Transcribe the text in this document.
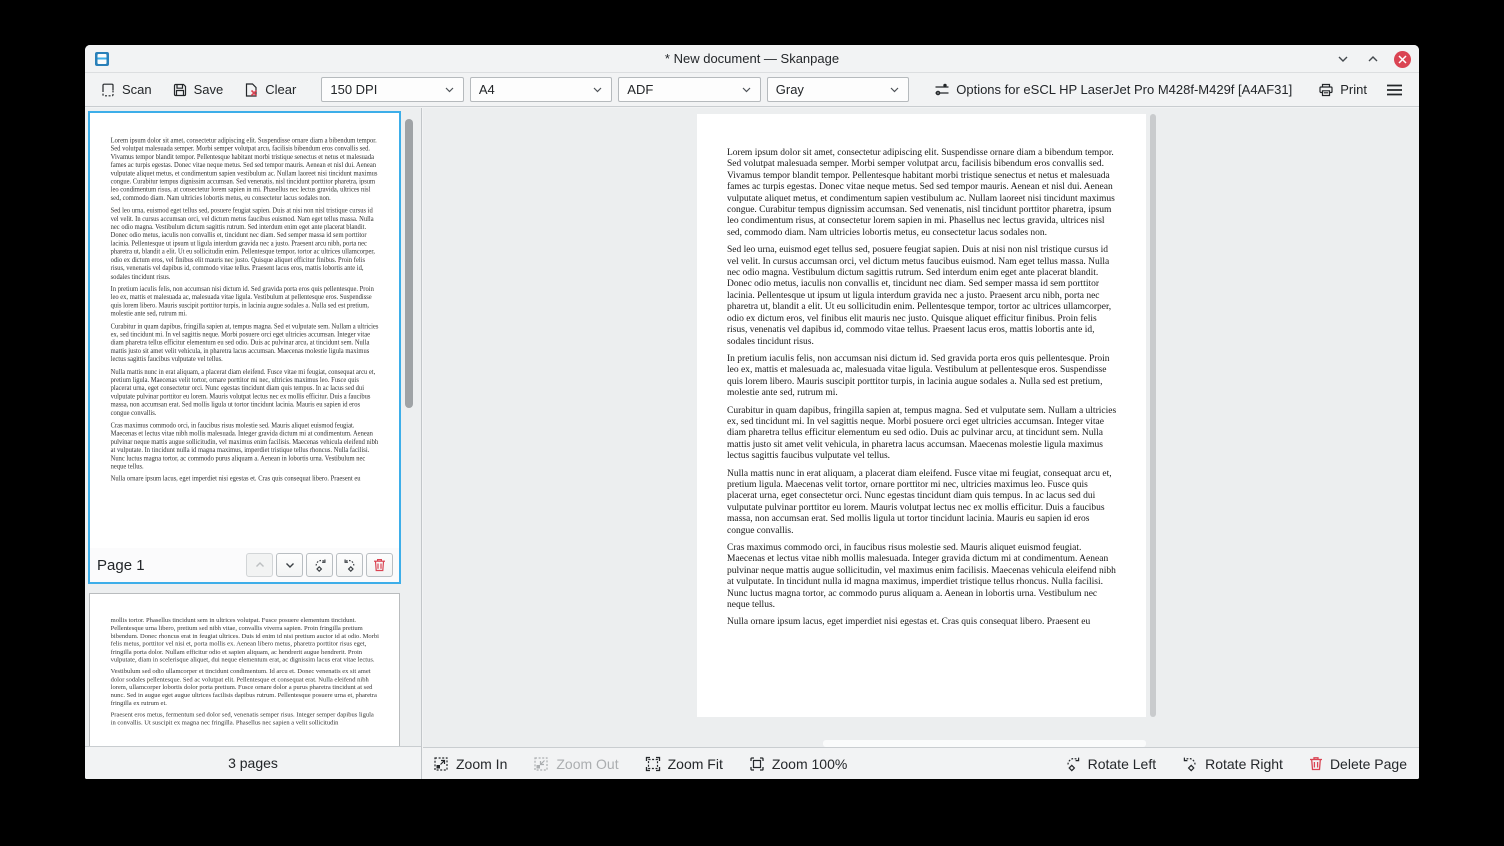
* New document — Skanpage
Scan	Save	Clear	150 DPI	A4	ADF	Gray	Options for eSCL HP LaserJet Pro M428f-M429f [A4AF31]	Print

Lorem ipsum dolor sit amet, consectetur adipiscing elit. Suspendisse ornare diam a bibendum tempor. Sed volutpat malesuada semper. Morbi semper volutpat arcu, facilisis bibendum eros convallis sed. Vivamus tempor blandit tempor. Pellentesque habitant morbi tristique senectus et netus et malesuada fames ac turpis egestas. Donec vitae neque metus. Sed sed tempor mauris. Aenean et nisl dui. Aenean vulputate aliquet metus, et condimentum sapien vestibulum ac. Nullam laoreet nisi tincidunt maximus congue. Curabitur tempus dignissim accumsan. Sed venenatis, nisl tincidunt porttitor pharetra, ipsum leo condimentum risus, at consectetur lorem sapien in mi. Phasellus nec lectus gravida, ultrices nisl sed, commodo diam. Nam ultricies lobortis metus, eu consectetur lacus sodales non.

Sed leo urna, euismod eget tellus sed, posuere feugiat sapien. Duis at nisi non nisl tristique cursus id vel velit. In cursus accumsan orci, vel dictum metus faucibus euismod. Nam eget tellus massa. Nulla nec odio magna. Vestibulum dictum sagittis rutrum. Sed interdum enim eget ante placerat blandit. Donec odio metus, iaculis non convallis et, tincidunt nec diam. Sed semper massa id sem porttitor lacinia. Pellentesque ut ipsum ut ligula interdum gravida nec a justo. Praesent arcu nibh, porta nec pharetra ut, blandit a elit. Ut eu sollicitudin enim. Pellentesque tempor, tortor ac ultrices ullamcorper, odio ex dictum eros, vel finibus elit mauris nec justo. Quisque aliquet efficitur finibus. Proin felis risus, venenatis vel dapibus id, commodo vitae tellus. Praesent lacus eros, mattis lobortis ante id, sodales tincidunt risus.

In pretium iaculis felis, non accumsan nisi dictum id. Sed gravida porta eros quis pellentesque. Proin leo ex, mattis et malesuada ac, malesuada vitae ligula. Vestibulum at pellentesque eros. Suspendisse quis lorem libero. Mauris suscipit porttitor turpis, in lacinia augue sodales a. Nulla sed est pretium, molestie ante sed, rutrum mi.

Curabitur in quam dapibus, fringilla sapien at, tempus magna. Sed et vulputate sem. Nullam a ultricies ex, sed tincidunt mi. In vel sagittis neque. Morbi posuere orci eget ultricies accumsan. Integer vitae diam pharetra tellus efficitur elementum eu sed odio. Duis ac pulvinar arcu, at tincidunt sem. Nulla mattis justo sit amet velit vehicula, in pharetra lacus accumsan. Maecenas molestie ligula maximus lectus sagittis faucibus vulputate vel tellus.

Nulla mattis nunc in erat aliquam, a placerat diam eleifend. Fusce vitae mi feugiat, consequat arcu et, pretium ligula. Maecenas velit tortor, ornare porttitor mi nec, ultricies maximus leo. Fusce quis placerat urna, eget consectetur orci. Nunc egestas tincidunt diam quis tempus. In ac lacus sed dui vulputate pulvinar porttitor eu lorem. Mauris volutpat lectus nec ex mollis efficitur. Duis a faucibus massa, non accumsan erat. Sed mollis ligula ut tortor tincidunt lacinia. Mauris eu sapien id eros congue convallis.

Cras maximus commodo orci, in faucibus risus molestie sed. Mauris aliquet euismod feugiat. Maecenas et lectus vitae nibh mollis malesuada. Integer gravida dictum mi at condimentum. Aenean pulvinar neque mattis augue sollicitudin, vel maximus enim facilisis. Maecenas vehicula eleifend nibh at vulputate. In tincidunt nulla id magna maximus, imperdiet tristique tellus rhoncus. Nulla facilisi. Nunc luctus magna tortor, ac commodo purus aliquam a. Aenean in lobortis urna. Vestibulum nec neque tellus.

Nulla ornare ipsum lacus, eget imperdiet nisi egestas et. Cras quis consequat libero. Praesent eu

Page 1

mollis tortor. Phasellus tincidunt sem in ultrices volutpat. Fusce posuere elementum tincidunt. Pellentesque urna libero, pretium sed nibh vitae, convallis viverra sapien. Proin fringilla pretium bibendum. Donec rhoncus erat in feugiat ultrices. Duis id enim id nisi pretium auctor id at odio. Morbi felis metus, porttitor vel nisi et, porta mollis ex. Aenean libero metus, pharetra porttitor risus eget, fringilla porta dolor. Nullam efficitur odio et sapien aliquam, ac hendrerit augue hendrerit. Proin vulputate, diam in scelerisque aliquet, dui neque elementum erat, ac dignissim lacus erat vitae lectus.

Vestibulum sed odio ullamcorper et tincidunt condimentum. Id arcu et. Donec venenatis ex sit amet dolor sodales pellentesque. Sed ac volutpat elit. Pellentesque et consequat erat. Nulla eleifend nibh lorem, ullamcorper lobortis dolor porta pretium. Fusce ornare dolor a purus pharetra tincidunt at sed nunc. Sed in augue eget augue ultrices facilisis dapibus rutrum. Pellentesque posuere urna et, pharetra fringilla ex rutrum et.

Praesent eros metus, fermentum sed dolor sed, venenatis semper risus. Integer semper dapibus ligula in convallis. Ut suscipit ex magna nec fringilla. Phasellus nec sapien a velit sollicitudin

3 pages

Lorem ipsum dolor sit amet, consectetur adipiscing elit. Suspendisse ornare diam a bibendum tempor. Sed volutpat malesuada semper. Morbi semper volutpat arcu, facilisis bibendum eros convallis sed. Vivamus tempor blandit tempor. Pellentesque habitant morbi tristique senectus et netus et malesuada fames ac turpis egestas. Donec vitae neque metus. Sed sed tempor mauris. Aenean et nisl dui. Aenean vulputate aliquet metus, et condimentum sapien vestibulum ac. Nullam laoreet nisi tincidunt maximus congue. Curabitur tempus dignissim accumsan. Sed venenatis, nisl tincidunt porttitor pharetra, ipsum leo condimentum risus, at consectetur lorem sapien in mi. Phasellus nec lectus gravida, ultrices nisl sed, commodo diam. Nam ultricies lobortis metus, eu consectetur lacus sodales non.

Sed leo urna, euismod eget tellus sed, posuere feugiat sapien. Duis at nisi non nisl tristique cursus id vel velit. In cursus accumsan orci, vel dictum metus faucibus euismod. Nam eget tellus massa. Nulla nec odio magna. Vestibulum dictum sagittis rutrum. Sed interdum enim eget ante placerat blandit. Donec odio metus, iaculis non convallis et, tincidunt nec diam. Sed semper massa id sem porttitor lacinia. Pellentesque ut ipsum ut ligula interdum gravida nec a justo. Praesent arcu nibh, porta nec pharetra ut, blandit a elit. Ut eu sollicitudin enim. Pellentesque tempor, tortor ac ultrices ullamcorper, odio ex dictum eros, vel finibus elit mauris nec justo. Quisque aliquet efficitur finibus. Proin felis risus, venenatis vel dapibus id, commodo vitae tellus. Praesent lacus eros, mattis lobortis ante id, sodales tincidunt risus.

In pretium iaculis felis, non accumsan nisi dictum id. Sed gravida porta eros quis pellentesque. Proin leo ex, mattis et malesuada ac, malesuada vitae ligula. Vestibulum at pellentesque eros. Suspendisse quis lorem libero. Mauris suscipit porttitor turpis, in lacinia augue sodales a. Nulla sed est pretium, molestie ante sed, rutrum mi.

Curabitur in quam dapibus, fringilla sapien at, tempus magna. Sed et vulputate sem. Nullam a ultricies ex, sed tincidunt mi. In vel sagittis neque. Morbi posuere orci eget ultricies accumsan. Integer vitae diam pharetra tellus efficitur elementum eu sed odio. Duis ac pulvinar arcu, at tincidunt sem. Nulla mattis justo sit amet velit vehicula, in pharetra lacus accumsan. Maecenas molestie ligula maximus lectus sagittis faucibus vulputate vel tellus.

Nulla mattis nunc in erat aliquam, a placerat diam eleifend. Fusce vitae mi feugiat, consequat arcu et, pretium ligula. Maecenas velit tortor, ornare porttitor mi nec, ultricies maximus leo. Fusce quis placerat urna, eget consectetur orci. Nunc egestas tincidunt diam quis tempus. In ac lacus sed dui vulputate pulvinar porttitor eu lorem. Mauris volutpat lectus nec ex mollis efficitur. Duis a faucibus massa, non accumsan erat. Sed mollis ligula ut tortor tincidunt lacinia. Mauris eu sapien id eros congue convallis.

Cras maximus commodo orci, in faucibus risus molestie sed. Mauris aliquet euismod feugiat. Maecenas et lectus vitae nibh mollis malesuada. Integer gravida dictum mi at condimentum. Aenean pulvinar neque mattis augue sollicitudin, vel maximus enim facilisis. Maecenas vehicula eleifend nibh at vulputate. In tincidunt nulla id magna maximus, imperdiet tristique tellus rhoncus. Nulla facilisi. Nunc luctus magna tortor, ac commodo purus aliquam a. Aenean in lobortis urna. Vestibulum nec neque tellus.

Nulla ornare ipsum lacus, eget imperdiet nisi egestas et. Cras quis consequat libero. Praesent eu

Zoom In	Zoom Out	Zoom Fit	Zoom 100%	Rotate Left	Rotate Right	Delete Page
